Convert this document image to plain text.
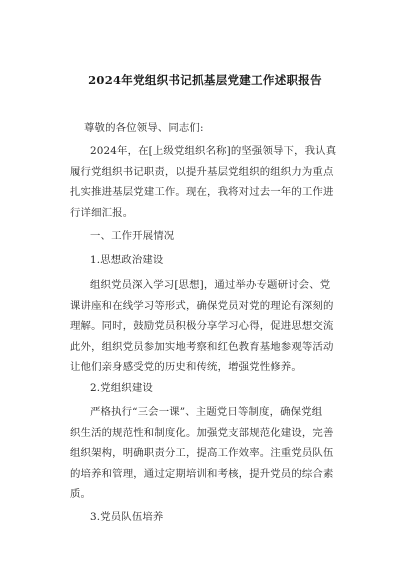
2024年党组织书记抓基层党建工作述职报告

尊敬的各位领导、同志们:

2024年，在[上级党组织名称]的坚强领导下，我认真

履行党组织书记职责，以提升基层党组织的组织力为重点

扎实推进基层党建工作。现在，我将对过去一年的工作进

行详细汇报。

一、工作开展情况

1.思想政治建设

组织党员深入学习[思想]，通过举办专题研讨会、党

课讲座和在线学习等形式，确保党员对党的理论有深刻的

理解。同时，鼓励党员积极分享学习心得，促进思想交流

此外，组织党员参加实地考察和红色教育基地参观等活动

让他们亲身感受党的历史和传统，增强党性修养。

2.党组织建设

严格执行“三会一课”、主题党日等制度，确保党组

织生活的规范性和制度化。加强党支部规范化建设，完善

组织架构，明确职责分工，提高工作效率。注重党员队伍

的培养和管理，通过定期培训和考核，提升党员的综合素

质。

3.党员队伍培养
